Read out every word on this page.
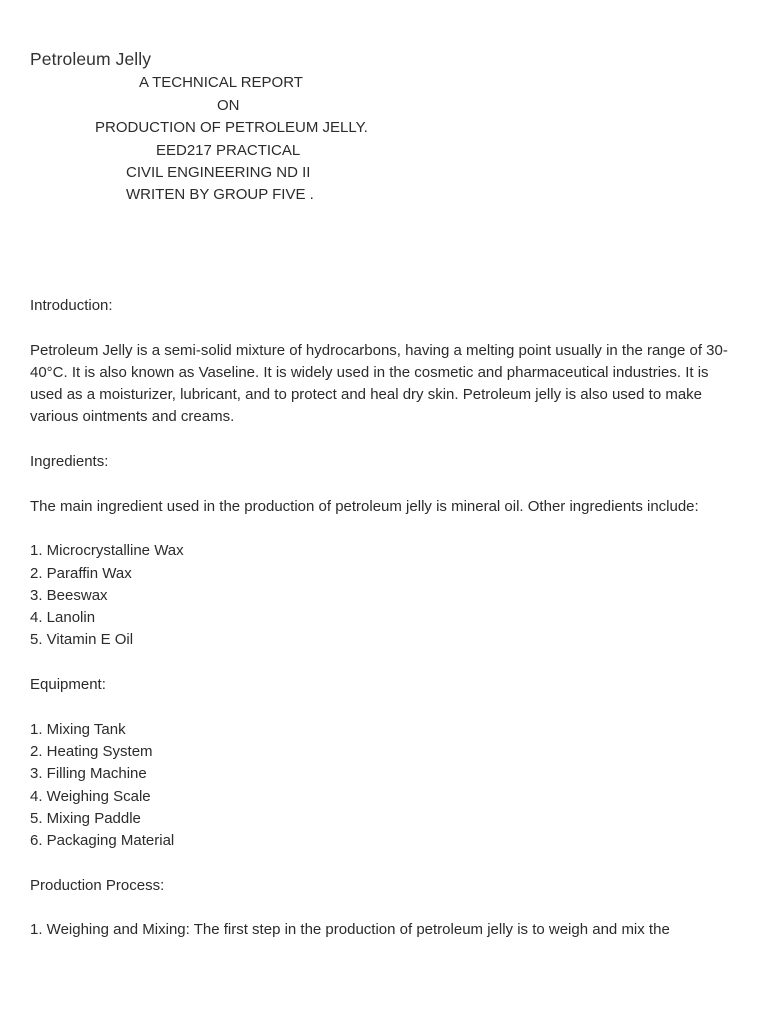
Petroleum Jelly
A TECHNICAL REPORT
ON
PRODUCTION OF PETROLEUM JELLY.
EED217 PRACTICAL
CIVIL ENGINEERING ND II
WRITEN BY GROUP FIVE .

Introduction:

Petroleum Jelly is a semi-solid mixture of hydrocarbons, having a melting point usually in the range of 30-40°C. It is also known as Vaseline. It is widely used in the cosmetic and pharmaceutical industries. It is used as a moisturizer, lubricant, and to protect and heal dry skin. Petroleum jelly is also used to make various ointments and creams.

Ingredients:

The main ingredient used in the production of petroleum jelly is mineral oil. Other ingredients include:

1. Microcrystalline Wax

2. Paraffin Wax

3. Beeswax

4. Lanolin

5. Vitamin E Oil

Equipment:

1. Mixing Tank

2. Heating System

3. Filling Machine

4. Weighing Scale

5. Mixing Paddle

6. Packaging Material

Production Process:

1. Weighing and Mixing: The first step in the production of petroleum jelly is to weigh and mix the
